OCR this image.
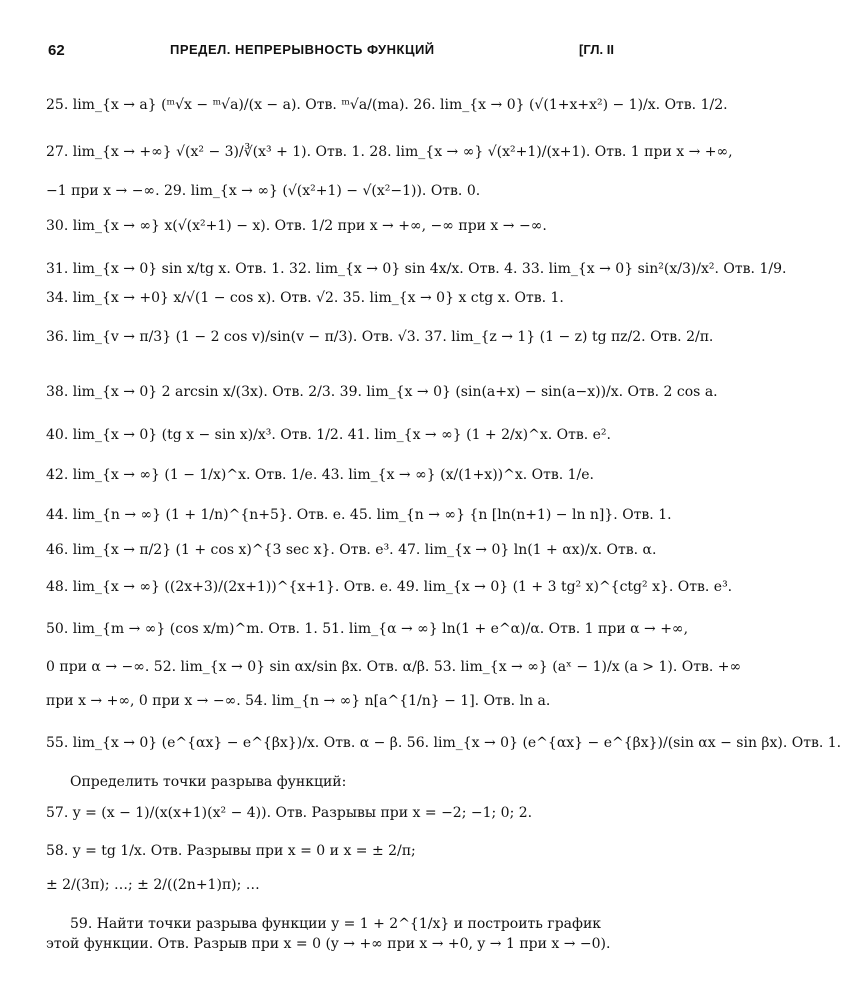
62	ПРЕДЕЛ. НЕПРЕРЫВНОСТЬ ФУНКЦИЙ	[ГЛ. II
25. lim_{x → a} (ᵐ√x − ᵐ√a)/(x − a). Отв. ᵐ√a/(ma). 26. lim_{x → 0} (√(1+x+x²) − 1)/x. Отв. 1/2.
27. lim_{x → +∞} √(x² − 3)/∛(x³ + 1). Отв. 1. 28. lim_{x → ∞} √(x²+1)/(x+1). Отв. 1 при x → +∞,
−1 при x → −∞. 29. lim_{x → ∞} (√(x²+1) − √(x²−1)). Отв. 0.
30. lim_{x → ∞} x(√(x²+1) − x). Отв. 1/2 при x → +∞, −∞ при x → −∞.
31. lim_{x → 0} sin x/tg x. Отв. 1. 32. lim_{x → 0} sin 4x/x. Отв. 4. 33. lim_{x → 0} sin²(x/3)/x². Отв. 1/9.
34. lim_{x → +0} x/√(1 − cos x). Отв. √2. 35. lim_{x → 0} x ctg x. Отв. 1.
36. lim_{v → π/3} (1 − 2 cos v)/sin(v − π/3). Отв. √3. 37. lim_{z → 1} (1 − z) tg πz/2. Отв. 2/π.
38. lim_{x → 0} 2 arcsin x/(3x). Отв. 2/3. 39. lim_{x → 0} (sin(a+x) − sin(a−x))/x. Отв. 2 cos a.
40. lim_{x → 0} (tg x − sin x)/x³. Отв. 1/2. 41. lim_{x → ∞} (1 + 2/x)^x. Отв. e².
42. lim_{x → ∞} (1 − 1/x)^x. Отв. 1/e. 43. lim_{x → ∞} (x/(1+x))^x. Отв. 1/e.
44. lim_{n → ∞} (1 + 1/n)^{n+5}. Отв. e. 45. lim_{n → ∞} {n [ln(n+1) − ln n]}. Отв. 1.
46. lim_{x → π/2} (1 + cos x)^{3 sec x}. Отв. e³. 47. lim_{x → 0} ln(1 + αx)/x. Отв. α.
48. lim_{x → ∞} ((2x+3)/(2x+1))^{x+1}. Отв. e. 49. lim_{x → 0} (1 + 3 tg² x)^{ctg² x}. Отв. e³.
50. lim_{m → ∞} (cos x/m)^m. Отв. 1. 51. lim_{α → ∞} ln(1 + e^α)/α. Отв. 1 при α → +∞,
0 при α → −∞. 52. lim_{x → 0} sin αx/sin βx. Отв. α/β. 53. lim_{x → ∞} (aˣ − 1)/x (a > 1). Отв. +∞
при x → +∞, 0 при x → −∞. 54. lim_{n → ∞} n[a^{1/n} − 1]. Отв. ln a.
55. lim_{x → 0} (e^{αx} − e^{βx})/x. Отв. α − β. 56. lim_{x → 0} (e^{αx} − e^{βx})/(sin αx − sin βx). Отв. 1.
Определить точки разрыва функций:
57. y = (x − 1)/(x(x+1)(x² − 4)). Отв. Разрывы при x = −2; −1; 0; 2.
58. y = tg 1/x. Отв. Разрывы при x = 0 и x = ± 2/π;
± 2/(3π); …; ± 2/((2n+1)π); …
59. Найти точки разрыва функции y = 1 + 2^{1/x} и построить график этой функции. Отв. Разрыв при x = 0 (y → +∞ при x → +0, y → 1 при x → −0).
